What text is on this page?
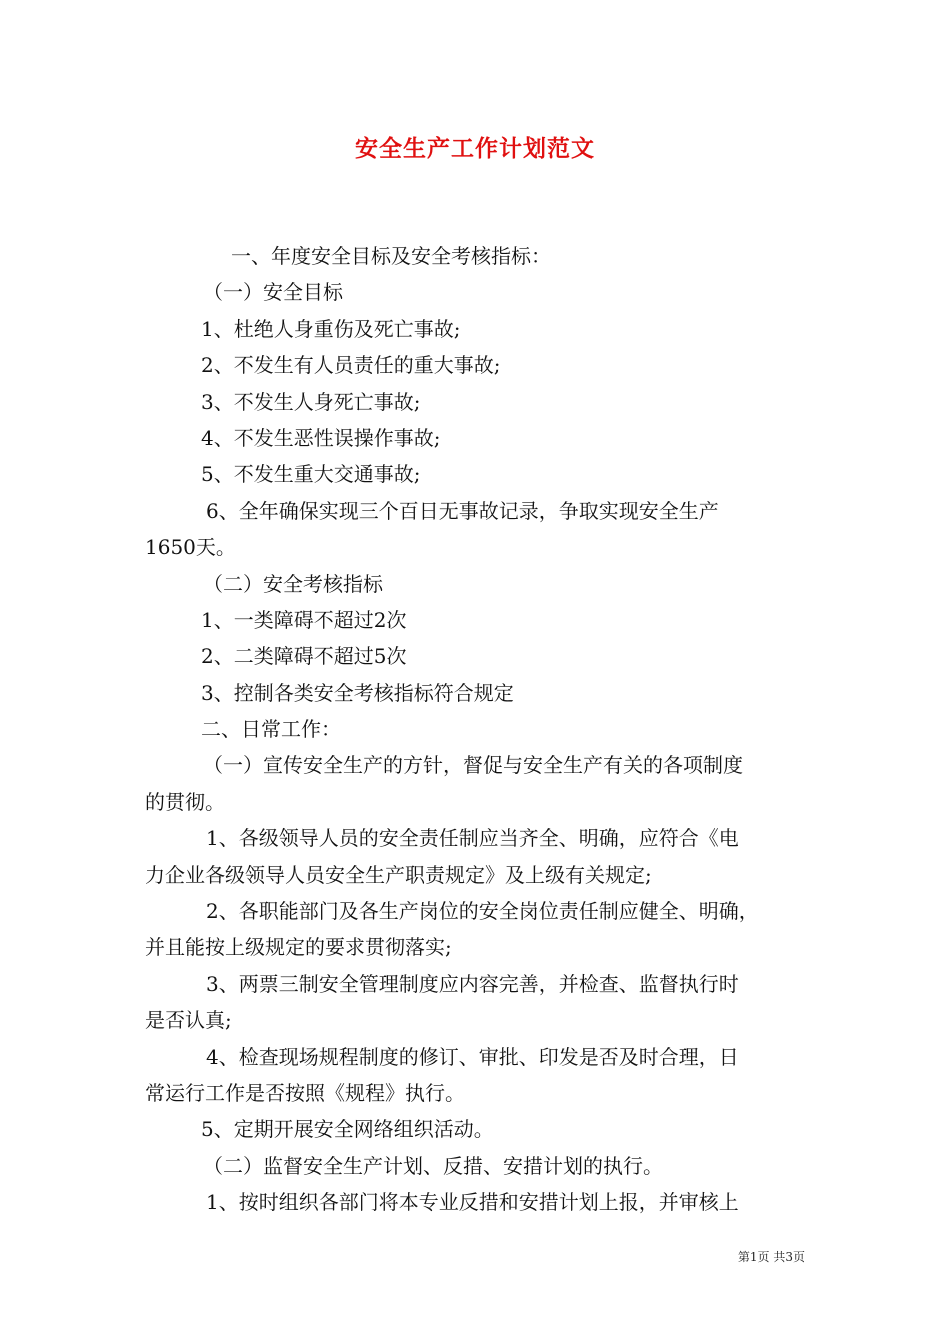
安全生产工作计划范文
一、年度安全目标及安全考核指标：
（一）安全目标
1、杜绝人身重伤及死亡事故;
2、不发生有人员责任的重大事故;
3、不发生人身死亡事故;
4、不发生恶性误操作事故;
5、不发生重大交通事故;
6、全年确保实现三个百日无事故记录，争取实现安全生产
1650天。
（二）安全考核指标
1、一类障碍不超过2次
2、二类障碍不超过5次
3、控制各类安全考核指标符合规定
二、日常工作：
（一）宣传安全生产的方针，督促与安全生产有关的各项制度
的贯彻。
1、各级领导人员的安全责任制应当齐全、明确，应符合《电
力企业各级领导人员安全生产职责规定》及上级有关规定;
2、各职能部门及各生产岗位的安全岗位责任制应健全、明确，
并且能按上级规定的要求贯彻落实;
3、两票三制安全管理制度应内容完善，并检查、监督执行时
是否认真;
4、检查现场规程制度的修订、审批、印发是否及时合理，日
常运行工作是否按照《规程》执行。
5、定期开展安全网络组织活动。
（二）监督安全生产计划、反措、安措计划的执行。
1、按时组织各部门将本专业反措和安措计划上报，并审核上
第1页 共3页
